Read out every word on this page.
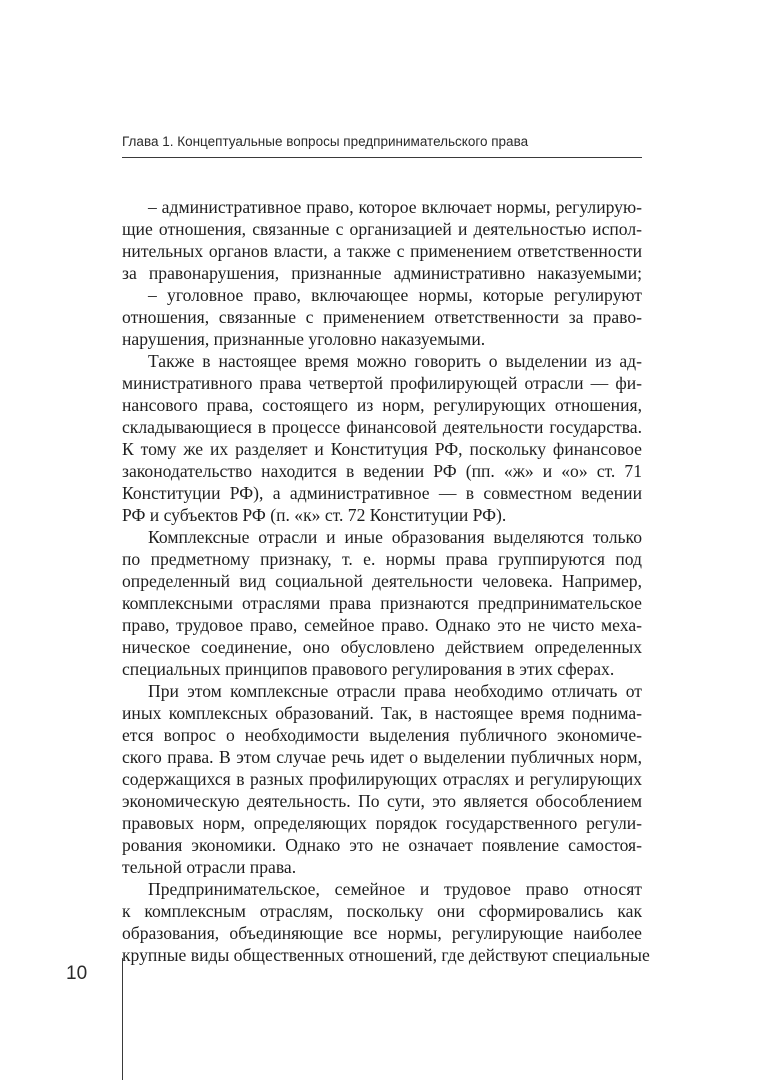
Глава 1. Концептуальные вопросы предпринимательского права
– административное право, которое включает нормы, регулирую-
щие отношения, связанные с организацией и деятельностью испол-
нительных органов власти, а также с применением ответственности
за правонарушения, признанные административно наказуемыми;
– уголовное право, включающее нормы, которые регулируют
отношения, связанные с применением ответственности за право-
нарушения, признанные уголовно наказуемыми.
Также в настоящее время можно говорить о выделении из ад-
министративного права четвертой профилирующей отрасли — фи-
нансового права, состоящего из норм, регулирующих отношения,
складывающиеся в процессе финансовой деятельности государства.
К тому же их разделяет и Конституция РФ, поскольку финансовое
законодательство находится в ведении РФ (пп. «ж» и «о» ст. 71
Конституции РФ), а административное — в совместном ведении
РФ и субъектов РФ (п. «к» ст. 72 Конституции РФ).
Комплексные отрасли и иные образования выделяются только
по предметному признаку, т. е. нормы права группируются под
определенный вид социальной деятельности человека. Например,
комплексными отраслями права признаются предпринимательское
право, трудовое право, семейное право. Однако это не чисто меха-
ническое соединение, оно обусловлено действием определенных
специальных принципов правового регулирования в этих сферах.
При этом комплексные отрасли права необходимо отличать от
иных комплексных образований. Так, в настоящее время поднима-
ется вопрос о необходимости выделения публичного экономиче-
ского права. В этом случае речь идет о выделении публичных норм,
содержащихся в разных профилирующих отраслях и регулирующих
экономическую деятельность. По сути, это является обособлением
правовых норм, определяющих порядок государственного регули-
рования экономики. Однако это не означает появление самостоя-
тельной отрасли права.
Предпринимательское, семейное и трудовое право относят
к комплексным отраслям, поскольку они сформировались как
образования, объединяющие все нормы, регулирующие наиболее
крупные виды общественных отношений, где действуют специальные
10
